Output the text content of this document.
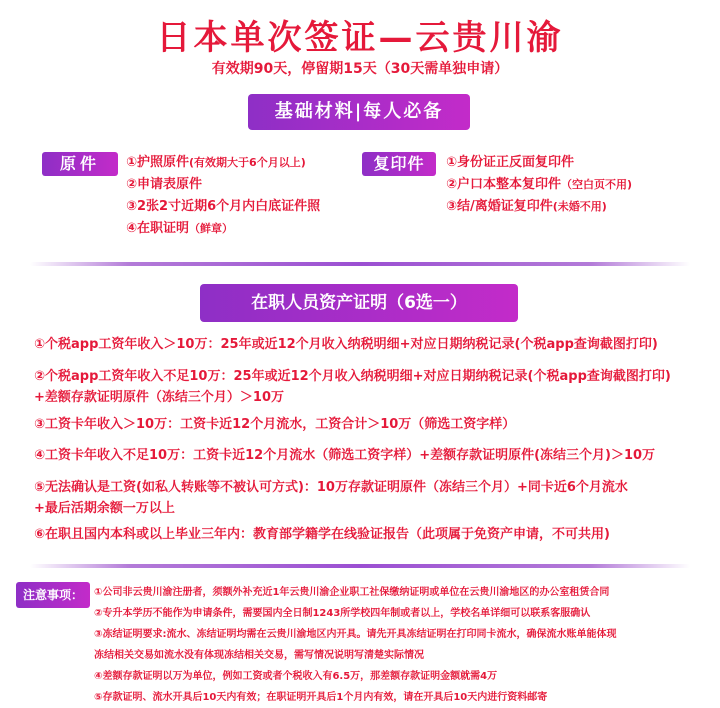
日本单次签证—云贵川渝
有效期90天，停留期15天（30天需单独申请）
基础材料|每人必备
原件	①护照原件(有效期大于6个月以上)
②申请表原件
③2张2寸近期6个月内白底证件照
④在职证明（鲜章）
复印件	①身份证正反面复印件
②户口本整本复印件（空白页不用)
③结/离婚证复印件(未婚不用)
在职人员资产证明（6选一）
①个税app工资年收入＞10万：25年或近12个月收入纳税明细+对应日期纳税记录(个税app查询截图打印)
②个税app工资年收入不足10万：25年或近12个月收入纳税明细+对应日期纳税记录(个税app查询截图打印)
+差额存款证明原件（冻结三个月）＞10万
③工资卡年收入＞10万：工资卡近12个月流水，工资合计＞10万（筛选工资字样）
④工资卡年收入不足10万：工资卡近12个月流水（筛选工资字样）+差额存款证明原件(冻结三个月)＞10万
⑤无法确认是工资(如私人转账等不被认可方式)：10万存款证明原件（冻结三个月）+同卡近6个月流水
+最后活期余额一万以上
⑥在职且国内本科或以上毕业三年内：教育部学籍学在线验证报告（此项属于免资产申请，不可共用)
注意事项：	①公司非云贵川渝注册者，须额外补充近1年云贵川渝企业职工社保缴纳证明或单位在云贵川渝地区的办公室租赁合同
②专升本学历不能作为申请条件，需要国内全日制1243所学校四年制或者以上，学校名单详细可以联系客服确认
③冻结证明要求:流水、冻结证明均需在云贵川渝地区内开具。请先开具冻结证明在打印同卡流水，确保流水账单能体现
冻结相关交易如流水没有体现冻结相关交易，需写情况说明写清楚实际情况
④差额存款证明以万为单位，例如工资或者个税收入有6.5万，那差额存款证明金额就需4万
⑤存款证明、流水开具后10天内有效；在职证明开具后1个月内有效，请在开具后10天内进行资料邮寄
